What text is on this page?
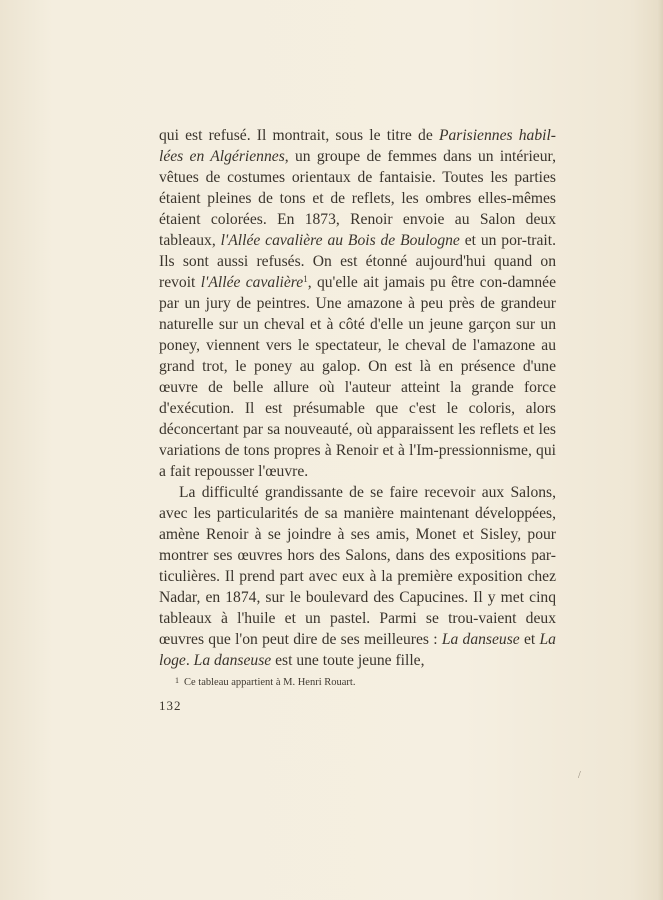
qui est refusé. Il montrait, sous le titre de Parisiennes habil-lées en Algériennes, un groupe de femmes dans un intérieur, vêtues de costumes orientaux de fantaisie. Toutes les parties étaient pleines de tons et de reflets, les ombres elles-mêmes étaient colorées. En 1873, Renoir envoie au Salon deux tableaux, l'Allée cavalière au Bois de Boulogne et un por-trait. Ils sont aussi refusés. On est étonné aujourd'hui quand on revoit l'Allée cavalière$^1$, qu'elle ait jamais pu être con-damnée par un jury de peintres. Une amazone à peu près de grandeur naturelle sur un cheval et à côté d'elle un jeune garçon sur un poney, viennent vers le spectateur, le cheval de l'amazone au grand trot, le poney au galop. On est là en présence d'une œuvre de belle allure où l'auteur atteint la grande force d'exécution. Il est présumable que c'est le coloris, alors déconcertant par sa nouveauté, où apparaissent les reflets et les variations de tons propres à Renoir et à l'Im-pressionnisme, qui a fait repousser l'œuvre.

La difficulté grandissante de se faire recevoir aux Salons, avec les particularités de sa manière maintenant développées, amène Renoir à se joindre à ses amis, Monet et Sisley, pour montrer ses œuvres hors des Salons, dans des expositions par-ticulières. Il prend part avec eux à la première exposition chez Nadar, en 1874, sur le boulevard des Capucines. Il y met cinq tableaux à l'huile et un pastel. Parmi se trou-vaient deux œuvres que l'on peut dire de ses meilleures : La danseuse et La loge. La danseuse est une toute jeune fille,

$^1$ Ce tableau appartient à M. Henri Rouart.
132
/
